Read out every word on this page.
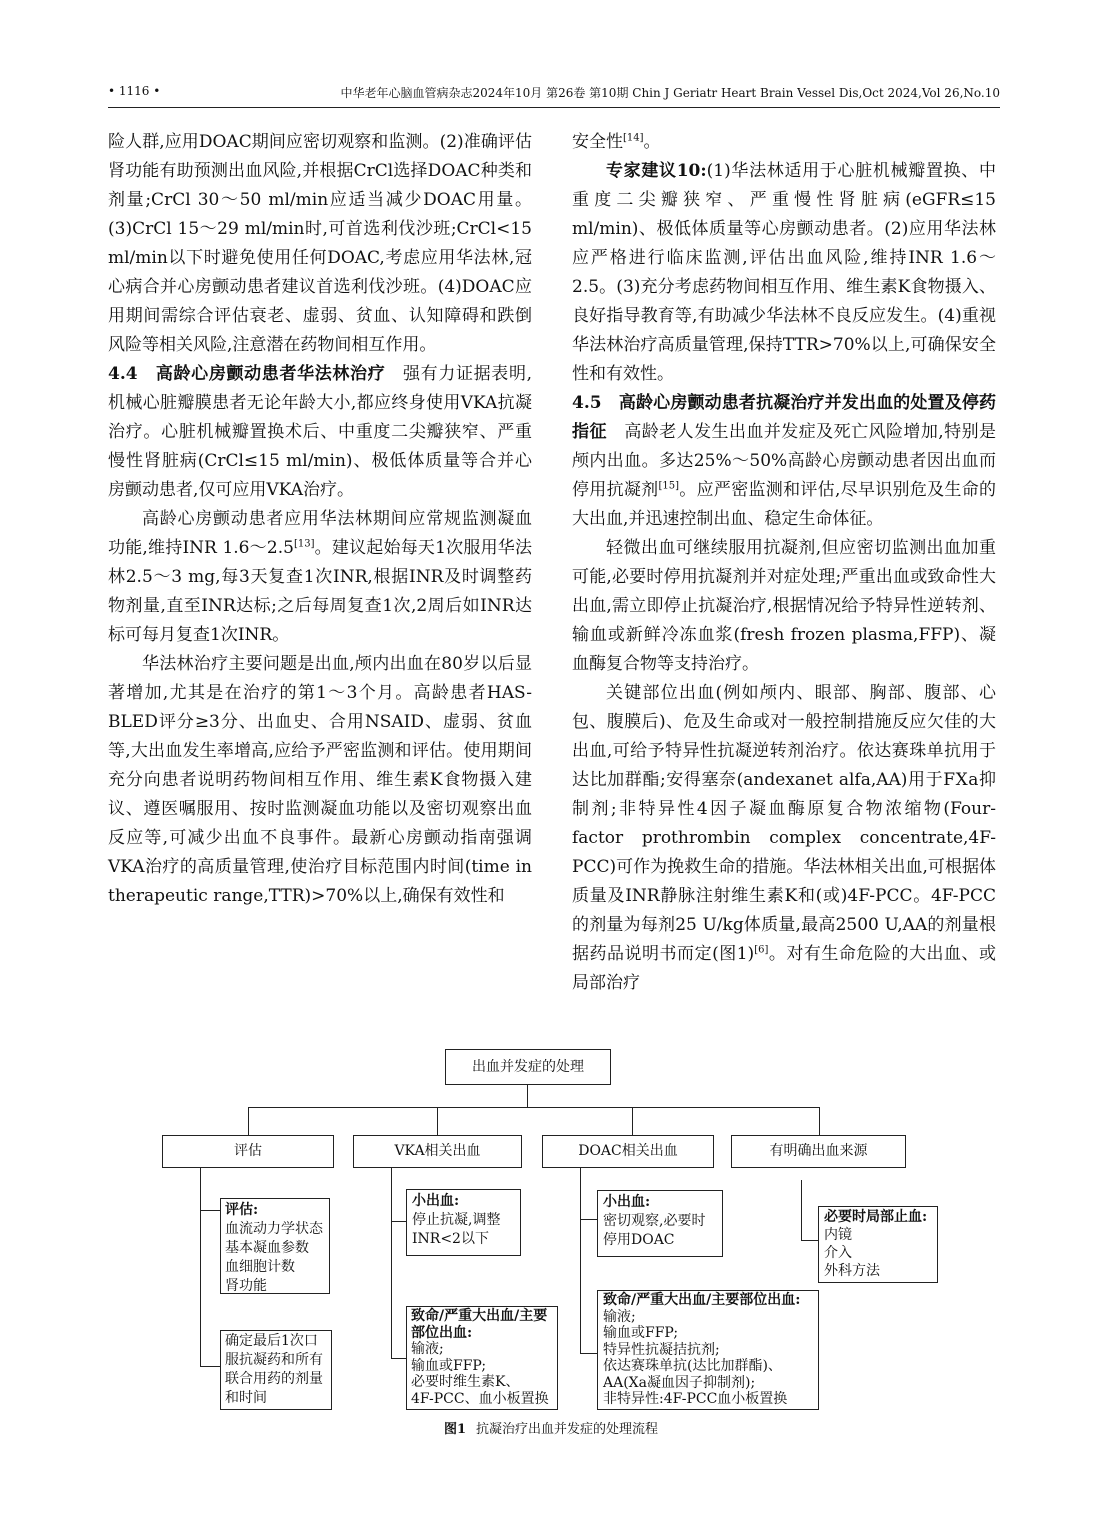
• 1116 •	中华老年心脑血管病杂志2024年10月 第26卷 第10期 Chin J Geriatr Heart Brain Vessel Dis,Oct 2024,Vol 26,No.10

险人群,应用DOAC期间应密切观察和监测。(2)准确评估肾功能有助预测出血风险,并根据CrCl选择DOAC种类和剂量;CrCl 30～50 ml/min应适当减少DOAC用量。(3)CrCl 15～29 ml/min时,可首选利伐沙班;CrCl<15 ml/min以下时避免使用任何DOAC,考虑应用华法林,冠心病合并心房颤动患者建议首选利伐沙班。(4)DOAC应用期间需综合评估衰老、虚弱、贫血、认知障碍和跌倒风险等相关风险,注意潜在药物间相互作用。

4.4　高龄心房颤动患者华法林治疗　强有力证据表明,机械心脏瓣膜患者无论年龄大小,都应终身使用VKA抗凝治疗。心脏机械瓣置换术后、中重度二尖瓣狭窄、严重慢性肾脏病(CrCl≤15 ml/min)、极低体质量等合并心房颤动患者,仅可应用VKA治疗。

高龄心房颤动患者应用华法林期间应常规监测凝血功能,维持INR 1.6～2.5[13]。建议起始每天1次服用华法林2.5～3 mg,每3天复查1次INR,根据INR及时调整药物剂量,直至INR达标;之后每周复查1次,2周后如INR达标可每月复查1次INR。

华法林治疗主要问题是出血,颅内出血在80岁以后显著增加,尤其是在治疗的第1～3个月。高龄患者HAS-BLED评分≥3分、出血史、合用NSAID、虚弱、贫血等,大出血发生率增高,应给予严密监测和评估。使用期间充分向患者说明药物间相互作用、维生素K食物摄入建议、遵医嘱服用、按时监测凝血功能以及密切观察出血反应等,可减少出血不良事件。最新心房颤动指南强调VKA治疗的高质量管理,使治疗目标范围内时间(time in therapeutic range,TTR)>70%以上,确保有效性和

安全性[14]。

专家建议10:(1)华法林适用于心脏机械瓣置换、中重度二尖瓣狭窄、严重慢性肾脏病(eGFR≤15 ml/min)、极低体质量等心房颤动患者。(2)应用华法林应严格进行临床监测,评估出血风险,维持INR 1.6～2.5。(3)充分考虑药物间相互作用、维生素K食物摄入、良好指导教育等,有助减少华法林不良反应发生。(4)重视华法林治疗高质量管理,保持TTR>70%以上,可确保安全性和有效性。

4.5　高龄心房颤动患者抗凝治疗并发出血的处置及停药指征　高龄老人发生出血并发症及死亡风险增加,特别是颅内出血。多达25%～50%高龄心房颤动患者因出血而停用抗凝剂[15]。应严密监测和评估,尽早识别危及生命的大出血,并迅速控制出血、稳定生命体征。

轻微出血可继续服用抗凝剂,但应密切监测出血加重可能,必要时停用抗凝剂并对症处理;严重出血或致命性大出血,需立即停止抗凝治疗,根据情况给予特异性逆转剂、输血或新鲜冷冻血浆(fresh frozen plasma,FFP)、凝血酶复合物等支持治疗。

关键部位出血(例如颅内、眼部、胸部、腹部、心包、腹膜后)、危及生命或对一般控制措施反应欠佳的大出血,可给予特异性抗凝逆转剂治疗。依达赛珠单抗用于达比加群酯;安得塞奈(andexanet alfa,AA)用于FⅩa抑制剂;非特异性4因子凝血酶原复合物浓缩物(Four-factor prothrombin complex concentrate,4F-PCC)可作为挽救生命的措施。华法林相关出血,可根据体质量及INR静脉注射维生素K和(或)4F-PCC。4F-PCC的剂量为每剂25 U/kg体质量,最高2500 U,AA的剂量根据药品说明书而定(图1)[6]。对有生命危险的大出血、或局部治疗

出血并发症的处理
评估	VKA相关出血	DOAC相关出血	有明确出血来源
评估:
血流动力学状态
基本凝血参数
血细胞计数
肾功能
确定最后1次口
服抗凝药和所有
联合用药的剂量
和时间
小出血:
停止抗凝,调整
INR<2以下
致命/严重大出血/主要
部位出血:
输液;
输血或FFP;
必要时维生素K、
4F-PCC、血小板置换
小出血:
密切观察,必要时
停用DOAC
致命/严重大出血/主要部位出血:
输液;
输血或FFP;
特异性抗凝拮抗剂;
依达赛珠单抗(达比加群酯)、
AA(Ⅹa凝血因子抑制剂);
非特异性:4F-PCC血小板置换
必要时局部止血:
内镜
介入
外科方法
图1 抗凝治疗出血并发症的处理流程
